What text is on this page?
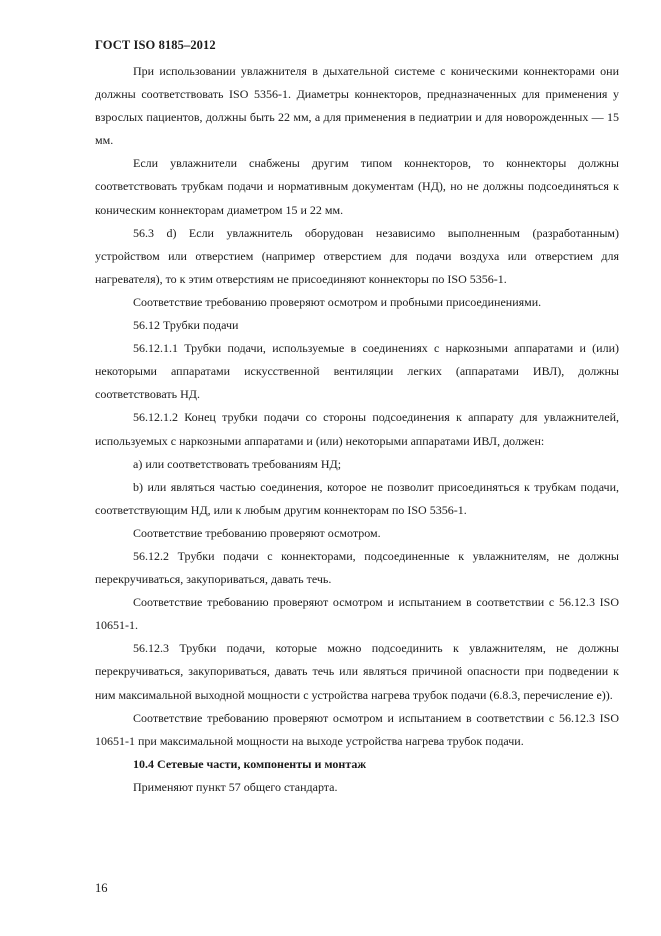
ГОСТ ISO 8185–2012

При использовании увлажнителя в дыхательной системе с коническими коннекторами они должны соответствовать ISO 5356-1. Диаметры коннекторов, предназначенных для применения у взрослых пациентов, должны быть 22 мм, а для применения в педиатрии и для новорожденных — 15 мм.

Если увлажнители снабжены другим типом коннекторов, то коннекторы должны соответствовать трубкам подачи и нормативным документам (НД), но не должны подсоединяться к коническим коннекторам диаметром 15 и 22 мм.

56.3 d) Если увлажнитель оборудован независимо выполненным (разработанным) устройством или отверстием (например отверстием для подачи воздуха или отверстием для нагревателя), то к этим отверстиям не присоединяют коннекторы по ISO 5356-1.

Соответствие требованию проверяют осмотром и пробными присоединениями.

56.12 Трубки подачи

56.12.1.1 Трубки подачи, используемые в соединениях с наркозными аппаратами и (или) некоторыми аппаратами искусственной вентиляции легких (аппаратами ИВЛ), должны соответствовать НД.

56.12.1.2 Конец трубки подачи со стороны подсоединения к аппарату для увлажнителей, используемых с наркозными аппаратами и (или) некоторыми аппаратами ИВЛ, должен:

a) или соответствовать требованиям НД;

b) или являться частью соединения, которое не позволит присоединяться к трубкам подачи, соответствующим НД, или к любым другим коннекторам по ISO 5356-1.

Соответствие требованию проверяют осмотром.

56.12.2 Трубки подачи с коннекторами, подсоединенные к увлажнителям, не должны перекручиваться, закупориваться, давать течь.

Соответствие требованию проверяют осмотром и испытанием в соответствии с 56.12.3 ISO 10651-1.

56.12.3 Трубки подачи, которые можно подсоединить к увлажнителям, не должны перекручиваться, закупориваться, давать течь или являться причиной опасности при подведении к ним максимальной выходной мощности с устройства нагрева трубок подачи (6.8.3, перечисление е)).

Соответствие требованию проверяют осмотром и испытанием в соответствии с 56.12.3 ISO 10651-1 при максимальной мощности на выходе устройства нагрева трубок подачи.

10.4 Сетевые части, компоненты и монтаж

Применяют пункт 57 общего стандарта.

16
